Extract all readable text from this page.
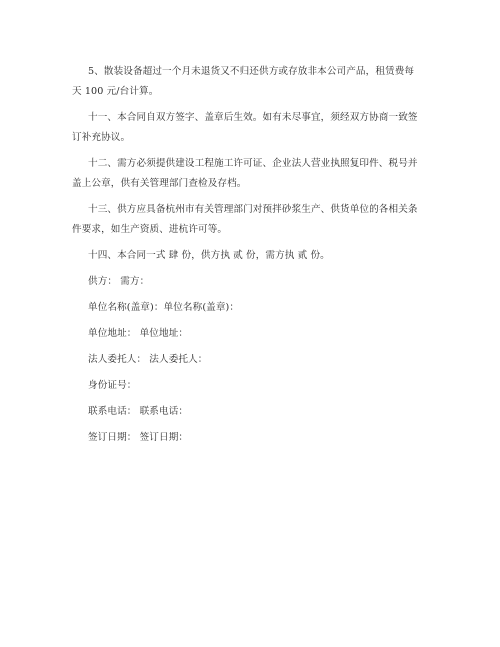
5、散装设备超过一个月未退货又不归还供方或存放非本公司产品，租赁费每
天 100 元/台计算。
十一、本合同自双方签字、盖章后生效。如有未尽事宜，须经双方协商一致签
订补充协议。
十二、需方必须提供建设工程施工许可证、企业法人营业执照复印件、税号并
盖上公章，供有关管理部门查检及存档。
十三、供方应具备杭州市有关管理部门对预拌砂浆生产、供货单位的各相关条
件要求，如生产资质、进杭许可等。
十四、本合同一式 肆 份，供方执 贰 份，需方执 贰 份。
供方： 需方：
单位名称(盖章)：单位名称(盖章)：
单位地址： 单位地址：
法人委托人： 法人委托人：
身份证号：
联系电话： 联系电话：
签订日期： 签订日期：
